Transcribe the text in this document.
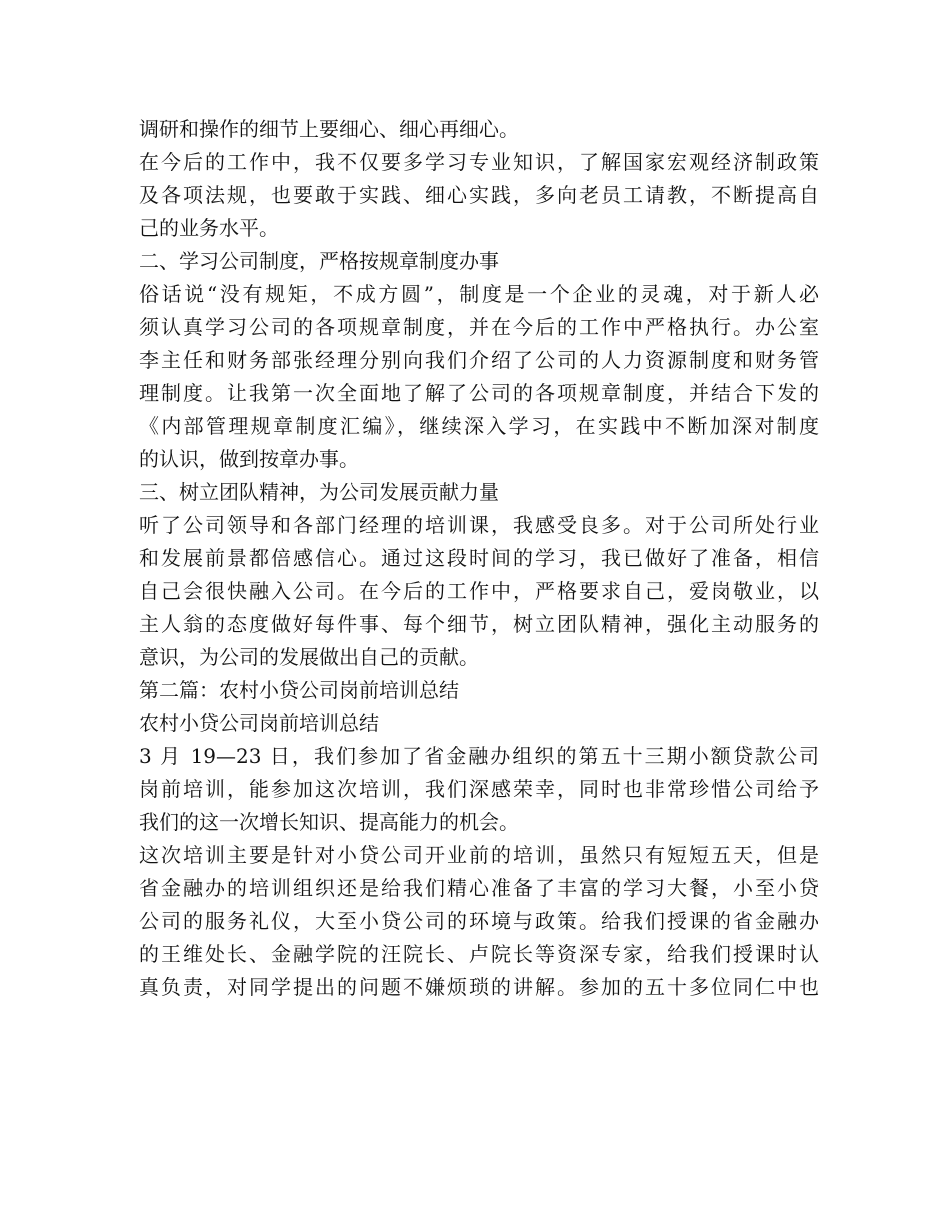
调研和操作的细节上要细心、细心再细心。
在今后的工作中，我不仅要多学习专业知识，了解国家宏观经济制政策
及各项法规，也要敢于实践、细心实践，多向老员工请教，不断提高自
己的业务水平。
二、学习公司制度，严格按规章制度办事
俗话说“没有规矩，不成方圆”，制度是一个企业的灵魂，对于新人必
须认真学习公司的各项规章制度，并在今后的工作中严格执行。办公室
李主任和财务部张经理分别向我们介绍了公司的人力资源制度和财务管
理制度。让我第一次全面地了解了公司的各项规章制度，并结合下发的
《内部管理规章制度汇编》，继续深入学习，在实践中不断加深对制度
的认识，做到按章办事。
三、树立团队精神，为公司发展贡献力量
听了公司领导和各部门经理的培训课，我感受良多。对于公司所处行业
和发展前景都倍感信心。通过这段时间的学习，我已做好了准备，相信
自己会很快融入公司。在今后的工作中，严格要求自己，爱岗敬业，以
主人翁的态度做好每件事、每个细节，树立团队精神，强化主动服务的
意识，为公司的发展做出自己的贡献。
第二篇：农村小贷公司岗前培训总结
农村小贷公司岗前培训总结
3 月 19—23 日，我们参加了省金融办组织的第五十三期小额贷款公司
岗前培训，能参加这次培训，我们深感荣幸，同时也非常珍惜公司给予
我们的这一次增长知识、提高能力的机会。
这次培训主要是针对小贷公司开业前的培训，虽然只有短短五天，但是
省金融办的培训组织还是给我们精心准备了丰富的学习大餐，小至小贷
公司的服务礼仪，大至小贷公司的环境与政策。给我们授课的省金融办
的王维处长、金融学院的汪院长、卢院长等资深专家，给我们授课时认
真负责，对同学提出的问题不嫌烦琐的讲解。参加的五十多位同仁中也
